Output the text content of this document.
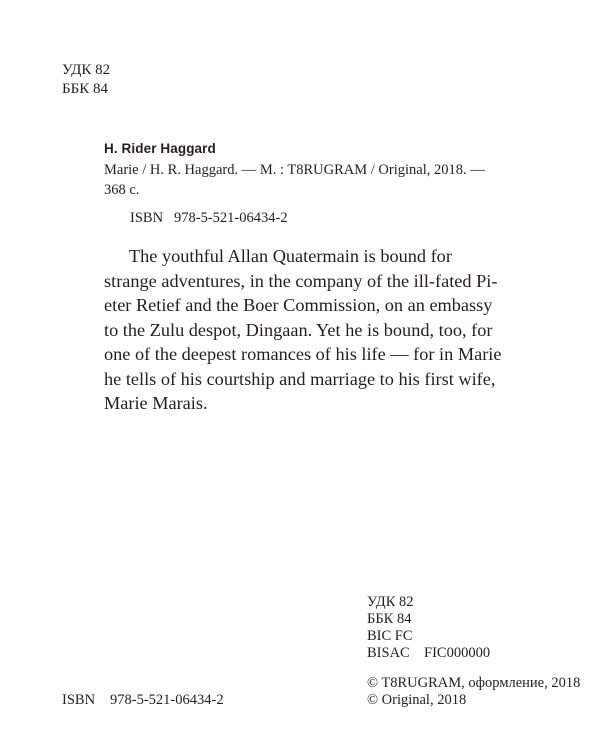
УДК 82
ББК 84
H. Rider Haggard
Marie / H. R. Haggard. — M. : T8RUGRAM / Original, 2018. —
368 c.
ISBN 978-5-521-06434-2
The youthful Allan Quatermain is bound for
strange adventures, in the company of the ill-fated Pi-
eter Retief and the Boer Commission, on an embassy
to the Zulu despot, Dingaan. Yet he is bound, too, for
one of the deepest romances of his life — for in Marie
he tells of his courtship and marriage to his first wife,
Marie Marais.
УДК 82
ББК 84
BIC FC
BISAC FIC000000
© T8RUGRAM, оформление, 2018
© Original, 2018
ISBN 978-5-521-06434-2
